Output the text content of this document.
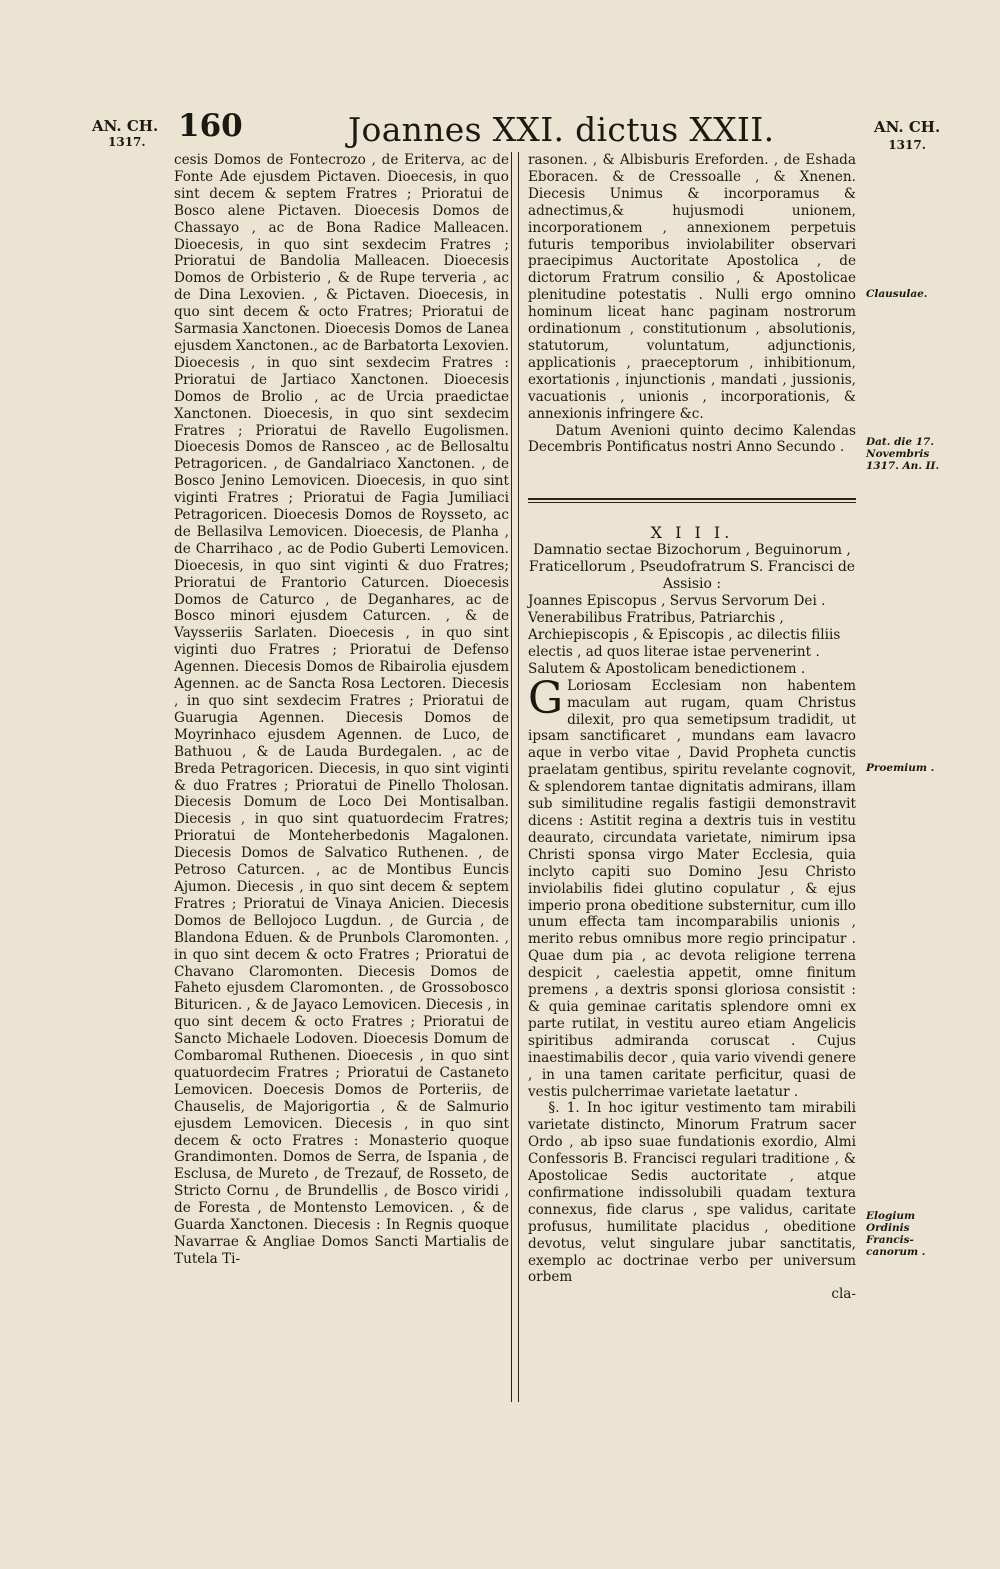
AN. CH.
1317.	160	Joannes XXI. dictus XXII.	AN. CH.
1317.

cesis Domos de Fontecrozo , de Eriterva, ac de Fonte Ade ejusdem Pictaven. Dioecesis, in quo sint decem & septem Fratres ; Prioratui de Bosco alene Pictaven. Dioecesis Domos de Chassayo , ac de Bona Radice Malleacen. Dioecesis, in quo sint sexdecim Fratres ; Prioratui de Bandolia Malleacen. Dioecesis Domos de Orbisterio , & de Rupe terveria , ac de Dina Lexovien. , & Pictaven. Dioecesis, in quo sint decem & octo Fratres; Prioratui de Sarmasia Xanctonen. Dioecesis Domos de Lanea ejusdem Xanctonen., ac de Barbatorta Lexovien. Dioecesis , in quo sint sexdecim Fratres : Prioratui de Jartiaco Xanctonen. Dioecesis Domos de Brolio , ac de Urcia praedictae Xanctonen. Dioecesis, in quo sint sexdecim Fratres ; Prioratui de Ravello Eugolismen. Dioecesis Domos de Ransceo , ac de Bellosaltu Petragoricen. , de Gandalriaco Xanctonen. , de Bosco Jenino Lemovicen. Dioecesis, in quo sint viginti Fratres ; Prioratui de Fagia Jumiliaci Petragoricen. Dioecesis Domos de Roysseto, ac de Bellasilva Lemovicen. Dioecesis, de Planha , de Charrihaco , ac de Podio Guberti Lemovicen. Dioecesis, in quo sint viginti & duo Fratres; Prioratui de Frantorio Caturcen. Dioecesis Domos de Caturco , de Deganhares, ac de Bosco minori ejusdem Caturcen. , & de Vaysseriis Sarlaten. Dioecesis , in quo sint viginti duo Fratres ; Prioratui de Defenso Agennen. Diecesis Domos de Ribairolia ejusdem Agennen. ac de Sancta Rosa Lectoren. Diecesis , in quo sint sexdecim Fratres ; Prioratui de Guarugia Agennen. Diecesis Domos de Moyrinhaco ejusdem Agennen. de Luco, de Bathuou , & de Lauda Burdegalen. , ac de Breda Petragoricen. Diecesis, in quo sint viginti & duo Fratres ; Prioratui de Pinello Tholosan. Diecesis Domum de Loco Dei Montisalban. Diecesis , in quo sint quatuordecim Fratres; Prioratui de Monteherbedonis Magalonen. Diecesis Domos de Salvatico Ruthenen. , de Petroso Caturcen. , ac de Montibus Euncis Ajumon. Diecesis , in quo sint decem & septem Fratres ; Prioratui de Vinaya Anicien. Diecesis Domos de Bellojoco Lugdun. , de Gurcia , de Blandona Eduen. & de Prunbols Claromonten. , in quo sint decem & octo Fratres ; Prioratui de Chavano Claromonten. Diecesis Domos de Faheto ejusdem Claromonten. , de Grossobosco Bituricen. , & de Jayaco Lemovicen. Diecesis , in quo sint decem & octo Fratres ; Prioratui de Sancto Michaele Lodoven. Dioecesis Domum de Combaromal Ruthenen. Dioecesis , in quo sint quatuordecim Fratres ; Prioratui de Castaneto Lemovicen. Doecesis Domos de Porteriis, de Chauselis, de Majorigortia , & de Salmurio ejusdem Lemovicen. Diecesis , in quo sint decem & octo Fratres : Monasterio quoque Grandimonten. Domos de Serra, de Ispania , de Esclusa, de Mureto , de Trezauf, de Rosseto, de Stricto Cornu , de Brundellis , de Bosco viridi , de Foresta , de Montensto Lemovicen. , & de Guarda Xanctonen. Diecesis : In Regnis quoque Navarrae & Angliae Domos Sancti Martialis de Tutela Ti-

rasonen. , & Albisburis Ereforden. , de Eshada Eboracen. & de Cressoalle , & Xnenen. Diecesis Unimus & incorporamus & adnectimus,& hujusmodi unionem, incorporationem , annexionem perpetuis futuris temporibus inviolabiliter observari praecipimus Auctoritate Apostolica , de dictorum Fratrum consilio , & Apostolicae plenitudine potestatis . Nulli ergo omnino hominum liceat hanc paginam nostrorum ordinationum , constitutionum , absolutionis, statutorum, voluntatum, adjunctionis, applicationis , praeceptorum , inhibitionum, exortationis , injunctionis , mandati , jussionis, vacuationis , unionis , incorporationis, & annexionis infringere &c.

Datum Avenioni quinto decimo Kalendas Decembris Pontificatus nostri Anno Secundo .

X I I I.

Damnatio sectae Bizochorum , Beguinorum , Fraticellorum , Pseudofratrum S. Francisci de Assisio :

Joannes Episcopus , Servus Servorum Dei . Venerabilibus Fratribus, Patriarchis , Archiepiscopis , & Episcopis , ac dilectis filiis electis , ad quos literae istae pervenerint . Salutem & Apostolicam benedictionem .

G Loriosam Ecclesiam non habentem maculam aut rugam, quam Christus dilexit, pro qua semetipsum tradidit, ut ipsam sanctificaret , mundans eam lavacro aque in verbo vitae , David Propheta cunctis praelatam gentibus, spiritu revelante cognovit, & splendorem tantae dignitatis admirans, illam sub similitudine regalis fastigii demonstravit dicens : Astitit regina a dextris tuis in vestitu deaurato, circundata varietate, nimirum ipsa Christi sponsa virgo Mater Ecclesia, quia inclyto capiti suo Domino Jesu Christo inviolabilis fidei glutino copulatur , & ejus imperio prona obeditione substernitur, cum illo unum effecta tam incomparabilis unionis , merito rebus omnibus more regio principatur . Quae dum pia , ac devota religione terrena despicit , caelestia appetit, omne finitum premens , a dextris sponsi gloriosa consistit : & quia geminae caritatis splendore omni ex parte rutilat, in vestitu aureo etiam Angelicis spiritibus admiranda coruscat . Cujus inaestimabilis decor , quia vario vivendi genere , in una tamen caritate perficitur, quasi de vestis pulcherrimae varietate laetatur .

§. 1. In hoc igitur vestimento tam mirabili varietate distincto, Minorum Fratrum sacer Ordo , ab ipso suae fundationis exordio, Almi Confessoris B. Francisci regulari traditione , & Apostolicae Sedis auctoritate , atque confirmatione indissolubili quadam textura connexus, fide clarus , spe validus, caritate profusus, humilitate placidus , obeditione devotus, velut singulare jubar sanctitatis, exemplo ac doctrinae verbo per universum orbem

cla-

Clausulae.
Dat. die 17. Novembris 1317. An. II.
Proemium .
Elogium Ordinis Francis-canorum .
